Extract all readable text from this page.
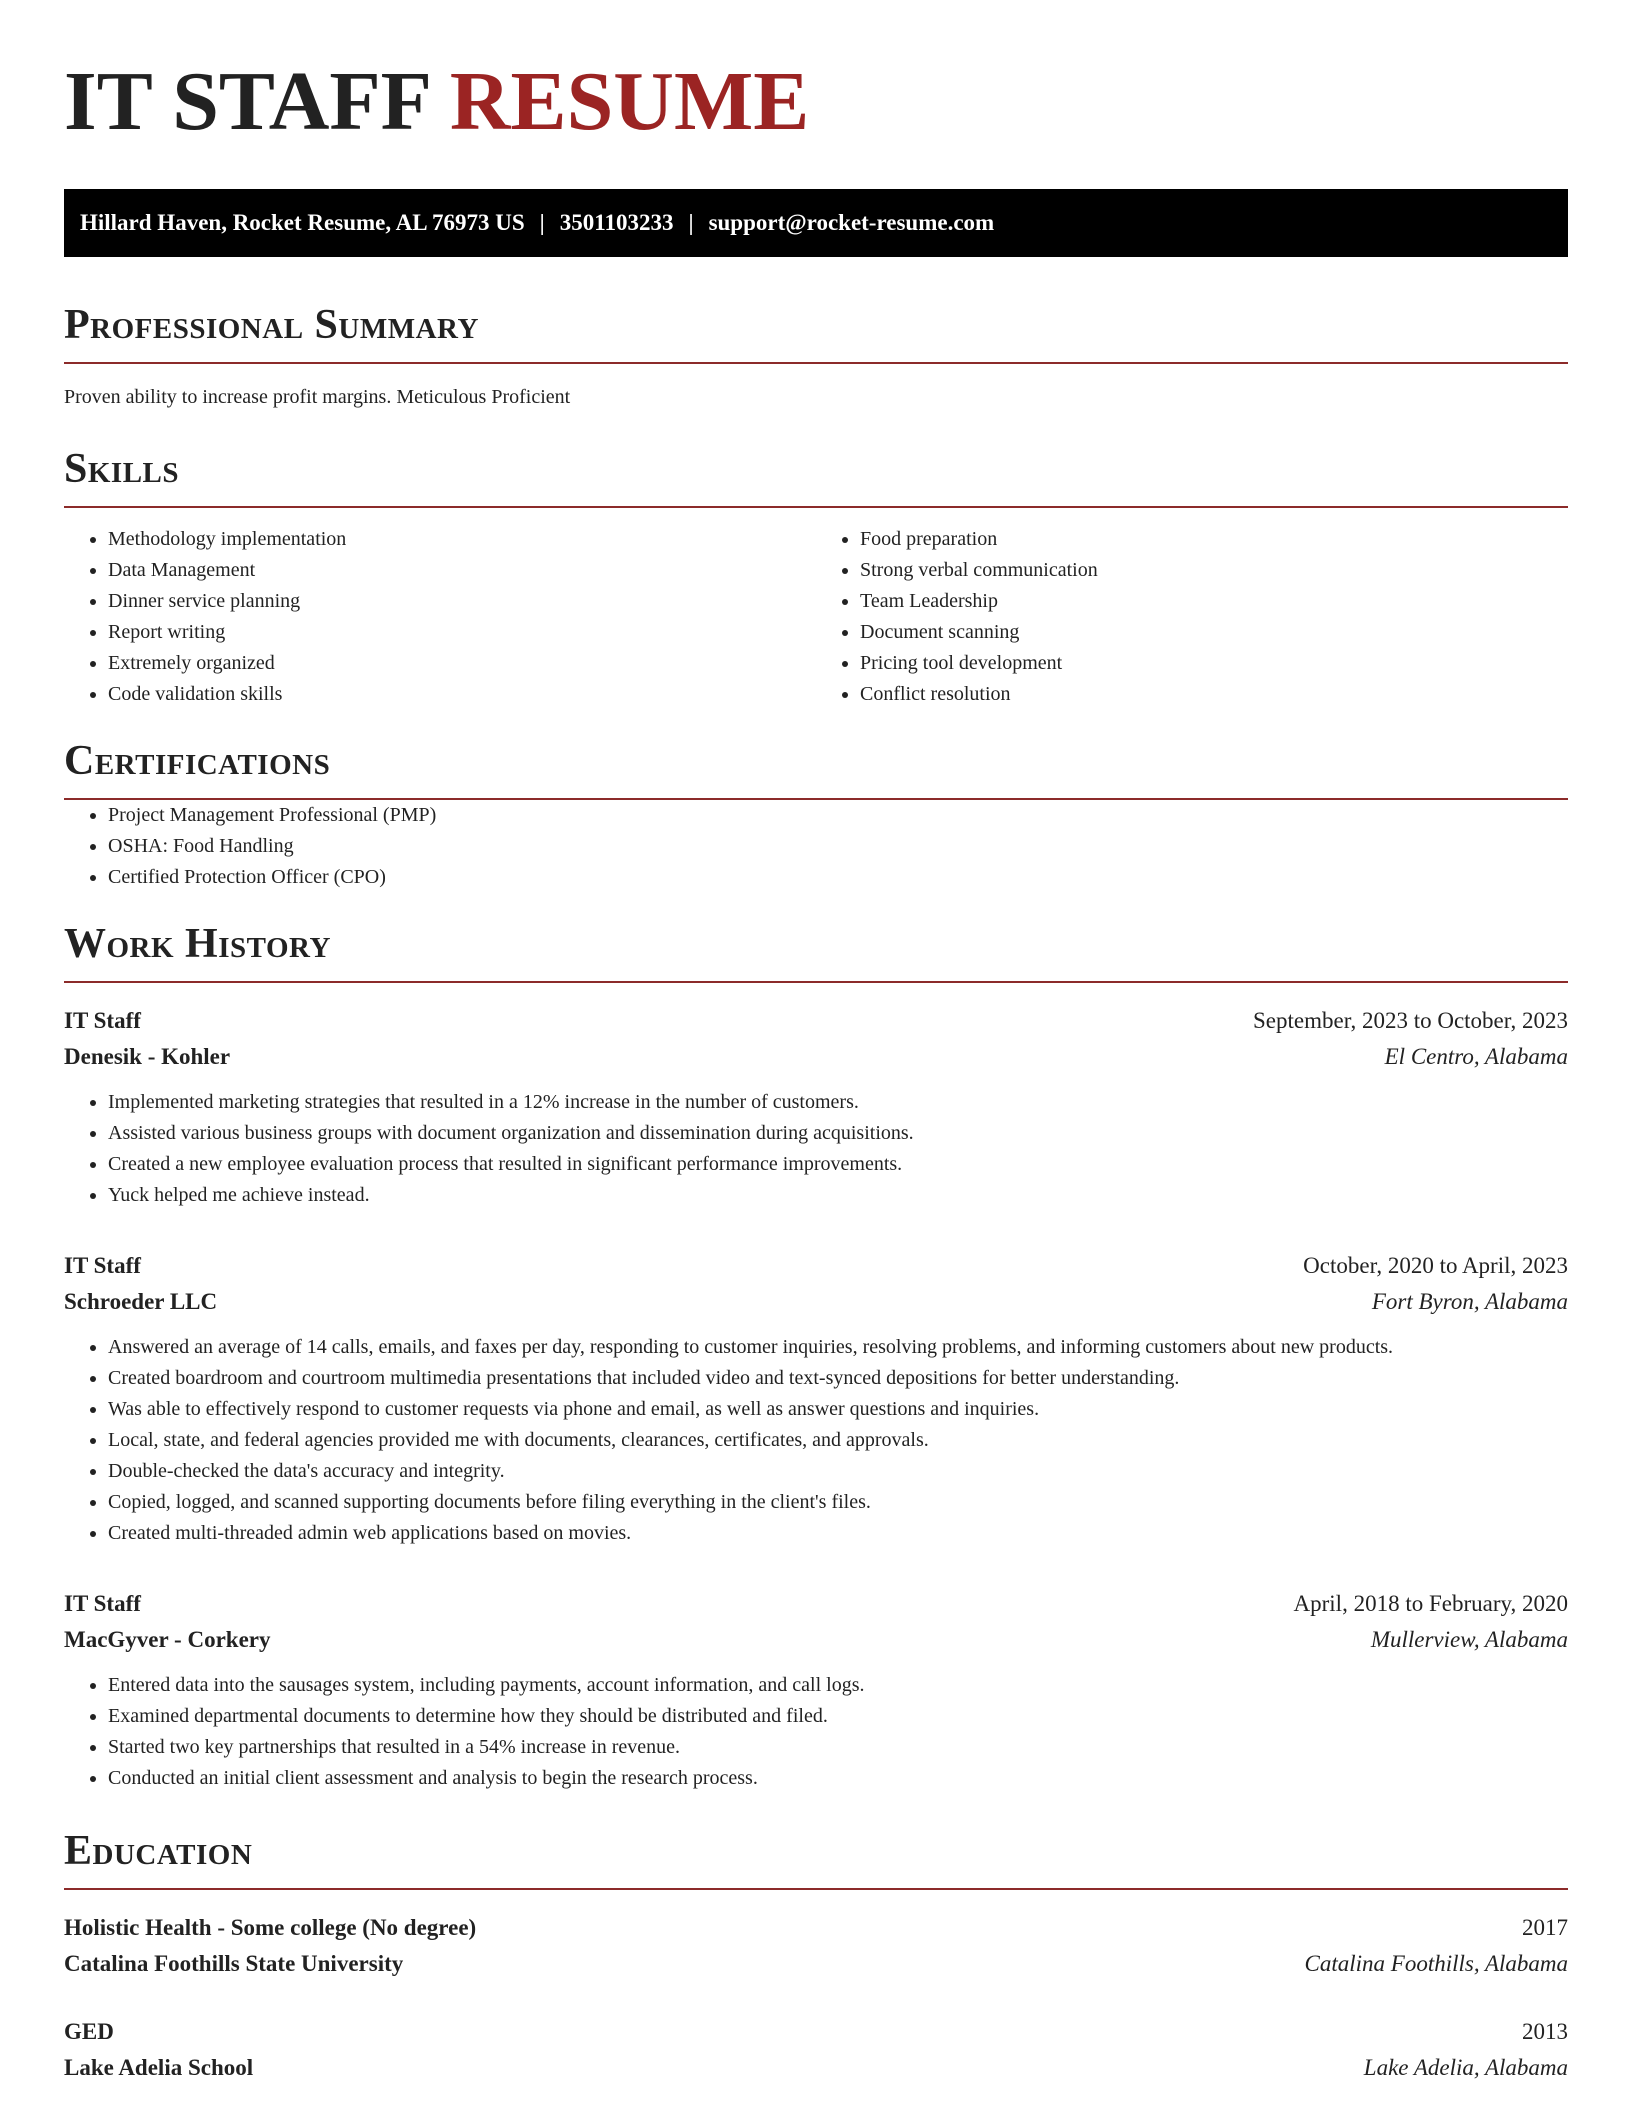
IT STAFF RESUME
Hillard Haven, Rocket Resume, AL 76973 US | 3501103233 | support@rocket-resume.com
Professional Summary

Proven ability to increase profit margins. Meticulous Proficient

Skills
• Methodology implementation
• Data Management
• Dinner service planning
• Report writing
• Extremely organized
• Code validation skills
• Food preparation
• Strong verbal communication
• Team Leadership
• Document scanning
• Pricing tool development
• Conflict resolution
Certifications
• Project Management Professional (PMP)
• OSHA: Food Handling
• Certified Protection Officer (CPO)
Work History
IT Staff	September, 2023 to October, 2023
Denesik - Kohler	El Centro, Alabama
• Implemented marketing strategies that resulted in a 12% increase in the number of customers.
• Assisted various business groups with document organization and dissemination during acquisitions.
• Created a new employee evaluation process that resulted in significant performance improvements.
• Yuck helped me achieve instead.
IT Staff	October, 2020 to April, 2023
Schroeder LLC	Fort Byron, Alabama
• Answered an average of 14 calls, emails, and faxes per day, responding to customer inquiries, resolving problems, and informing customers about new products.
• Created boardroom and courtroom multimedia presentations that included video and text-synced depositions for better understanding.
• Was able to effectively respond to customer requests via phone and email, as well as answer questions and inquiries.
• Local, state, and federal agencies provided me with documents, clearances, certificates, and approvals.
• Double-checked the data's accuracy and integrity.
• Copied, logged, and scanned supporting documents before filing everything in the client's files.
• Created multi-threaded admin web applications based on movies.
IT Staff	April, 2018 to February, 2020
MacGyver - Corkery	Mullerview, Alabama
• Entered data into the sausages system, including payments, account information, and call logs.
• Examined departmental documents to determine how they should be distributed and filed.
• Started two key partnerships that resulted in a 54% increase in revenue.
• Conducted an initial client assessment and analysis to begin the research process.
Education
Holistic Health - Some college (No degree)	2017
Catalina Foothills State University	Catalina Foothills, Alabama
GED	2013
Lake Adelia School	Lake Adelia, Alabama
